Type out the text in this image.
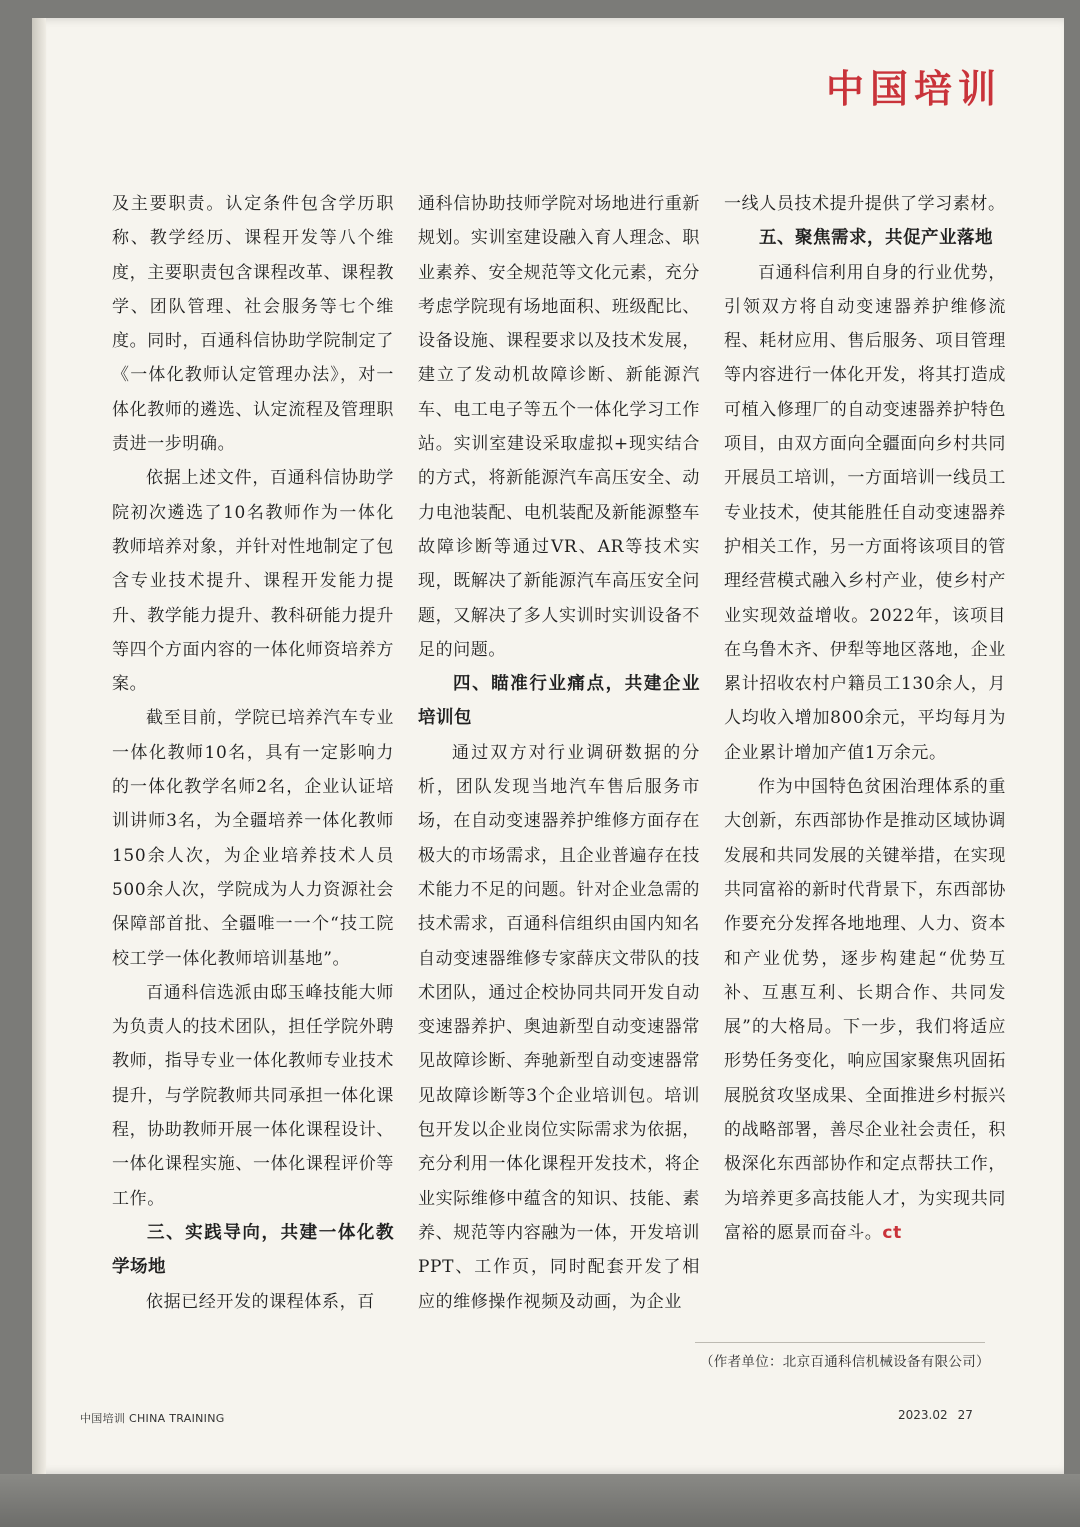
中国培训

及主要职责。认定条件包含学历职称、教学经历、课程开发等八个维度，主要职责包含课程改革、课程教学、团队管理、社会服务等七个维度。同时，百通科信协助学院制定了《一体化教师认定管理办法》，对一体化教师的遴选、认定流程及管理职责进一步明确。

依据上述文件，百通科信协助学院初次遴选了10名教师作为一体化教师培养对象，并针对性地制定了包含专业技术提升、课程开发能力提升、教学能力提升、教科研能力提升等四个方面内容的一体化师资培养方案。

截至目前，学院已培养汽车专业一体化教师10名，具有一定影响力的一体化教学名师2名，企业认证培训讲师3名，为全疆培养一体化教师150余人次，为企业培养技术人员500余人次，学院成为人力资源社会保障部首批、全疆唯一一个“技工院校工学一体化教师培训基地”。

百通科信选派由邸玉峰技能大师为负责人的技术团队，担任学院外聘教师，指导专业一体化教师专业技术提升，与学院教师共同承担一体化课程，协助教师开展一体化课程设计、一体化课程实施、一体化课程评价等工作。

三、实践导向，共建一体化教学场地

依据已经开发的课程体系，百

通科信协助技师学院对场地进行重新规划。实训室建设融入育人理念、职业素养、安全规范等文化元素，充分考虑学院现有场地面积、班级配比、设备设施、课程要求以及技术发展，建立了发动机故障诊断、新能源汽车、电工电子等五个一体化学习工作站。实训室建设采取虚拟+现实结合的方式，将新能源汽车高压安全、动力电池装配、电机装配及新能源整车故障诊断等通过VR、AR等技术实现，既解决了新能源汽车高压安全问题，又解决了多人实训时实训设备不足的问题。

四、瞄准行业痛点，共建企业培训包

通过双方对行业调研数据的分析，团队发现当地汽车售后服务市场，在自动变速器养护维修方面存在极大的市场需求，且企业普遍存在技术能力不足的问题。针对企业急需的技术需求，百通科信组织由国内知名自动变速器维修专家薛庆文带队的技术团队，通过企校协同共同开发自动变速器养护、奥迪新型自动变速器常见故障诊断、奔驰新型自动变速器常见故障诊断等3个企业培训包。培训包开发以企业岗位实际需求为依据，充分利用一体化课程开发技术，将企业实际维修中蕴含的知识、技能、素养、规范等内容融为一体，开发培训PPT、工作页，同时配套开发了相应的维修操作视频及动画，为企业

一线人员技术提升提供了学习素材。

五、聚焦需求，共促产业落地

百通科信利用自身的行业优势，引领双方将自动变速器养护维修流程、耗材应用、售后服务、项目管理等内容进行一体化开发，将其打造成可植入修理厂的自动变速器养护特色项目，由双方面向全疆面向乡村共同开展员工培训，一方面培训一线员工专业技术，使其能胜任自动变速器养护相关工作，另一方面将该项目的管理经营模式融入乡村产业，使乡村产业实现效益增收。2022年，该项目在乌鲁木齐、伊犁等地区落地，企业累计招收农村户籍员工130余人，月人均收入增加800余元，平均每月为企业累计增加产值1万余元。

作为中国特色贫困治理体系的重大创新，东西部协作是推动区域协调发展和共同发展的关键举措，在实现共同富裕的新时代背景下，东西部协作要充分发挥各地地理、人力、资本和产业优势，逐步构建起“优势互补、互惠互利、长期合作、共同发展”的大格局。下一步，我们将适应形势任务变化，响应国家聚焦巩固拓展脱贫攻坚成果、全面推进乡村振兴的战略部署，善尽企业社会责任，积极深化东西部协作和定点帮扶工作，为培养更多高技能人才，为实现共同富裕的愿景而奋斗。ct

（作者单位：北京百通科信机械设备有限公司）
中国培训 CHINA TRAINING	2023.02 27
